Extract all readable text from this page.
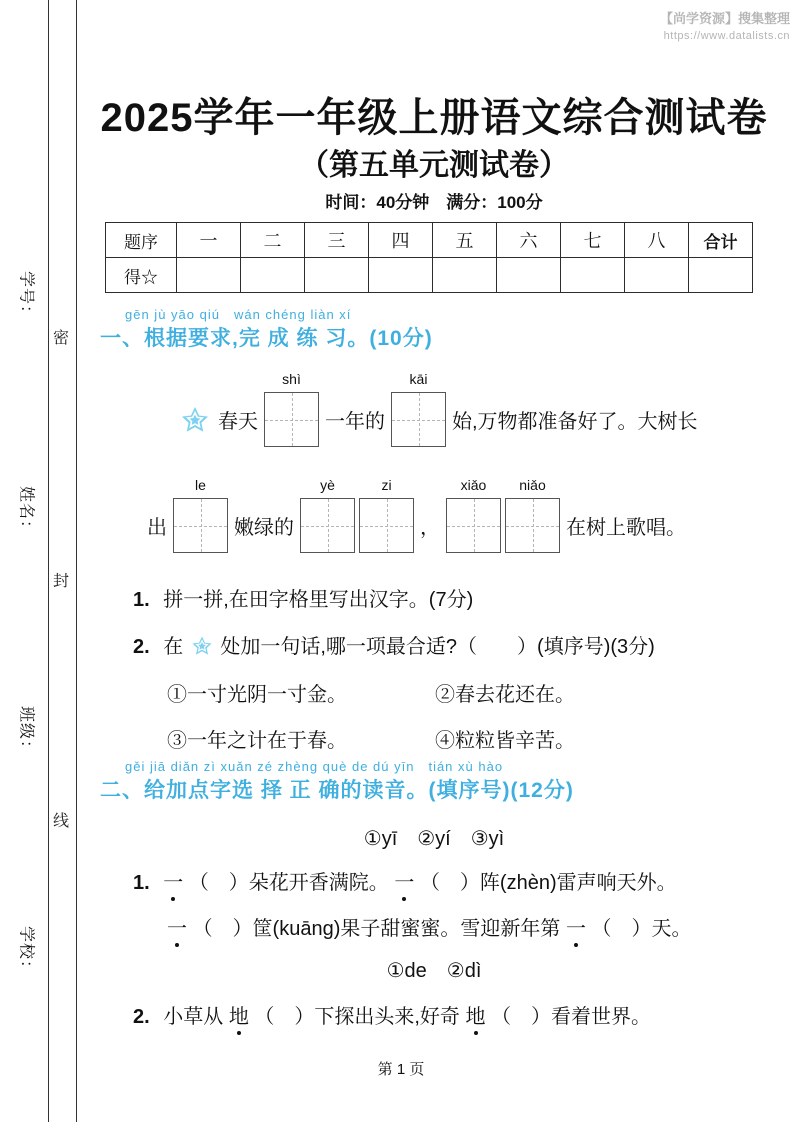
【尚学资源】搜集整理
https://www.datalists.cn
学号：
姓名：
班级：
学校：
密
封
线
2025学年一年级上册语文综合测试卷
（第五单元测试卷）
时间：40分钟　满分：100分
题序	一	二	三	四	五	六	七	八	合计
得☆									
gēn jù yāo qiú　wán chéng liàn xí
一、根据要求,完 成 练 习。(10分)
春天
shì
一年的
kāi
始,万物都准备好了。大树长
出
le
嫩绿的
yè	zi
，
xiǎo	niǎo
在树上歌唱。
1. 拼一拼,在田字格里写出汉字。(7分)
2. 在 处加一句话,哪一项最合适?（　　）(填序号)(3分)
①一寸光阴一寸金。	②春去花还在。
③一年之计在于春。	④粒粒皆辛苦。
gěi jiā diǎn zì xuǎn zé zhèng què de dú yīn　tián xù hào
二、给加点字选 择 正 确的读音。(填序号)(12分)
①yī　②yí　③yì
1. 一 （　）朵花开香满院。 一 （　）阵(zhèn)雷声响天外。
一 （　）筐(kuāng)果子甜蜜蜜。雪迎新年第 一 （　）天。
①de　②dì
2. 小草从 地 （　）下探出头来,好奇 地 （　）看着世界。
第 1 页
